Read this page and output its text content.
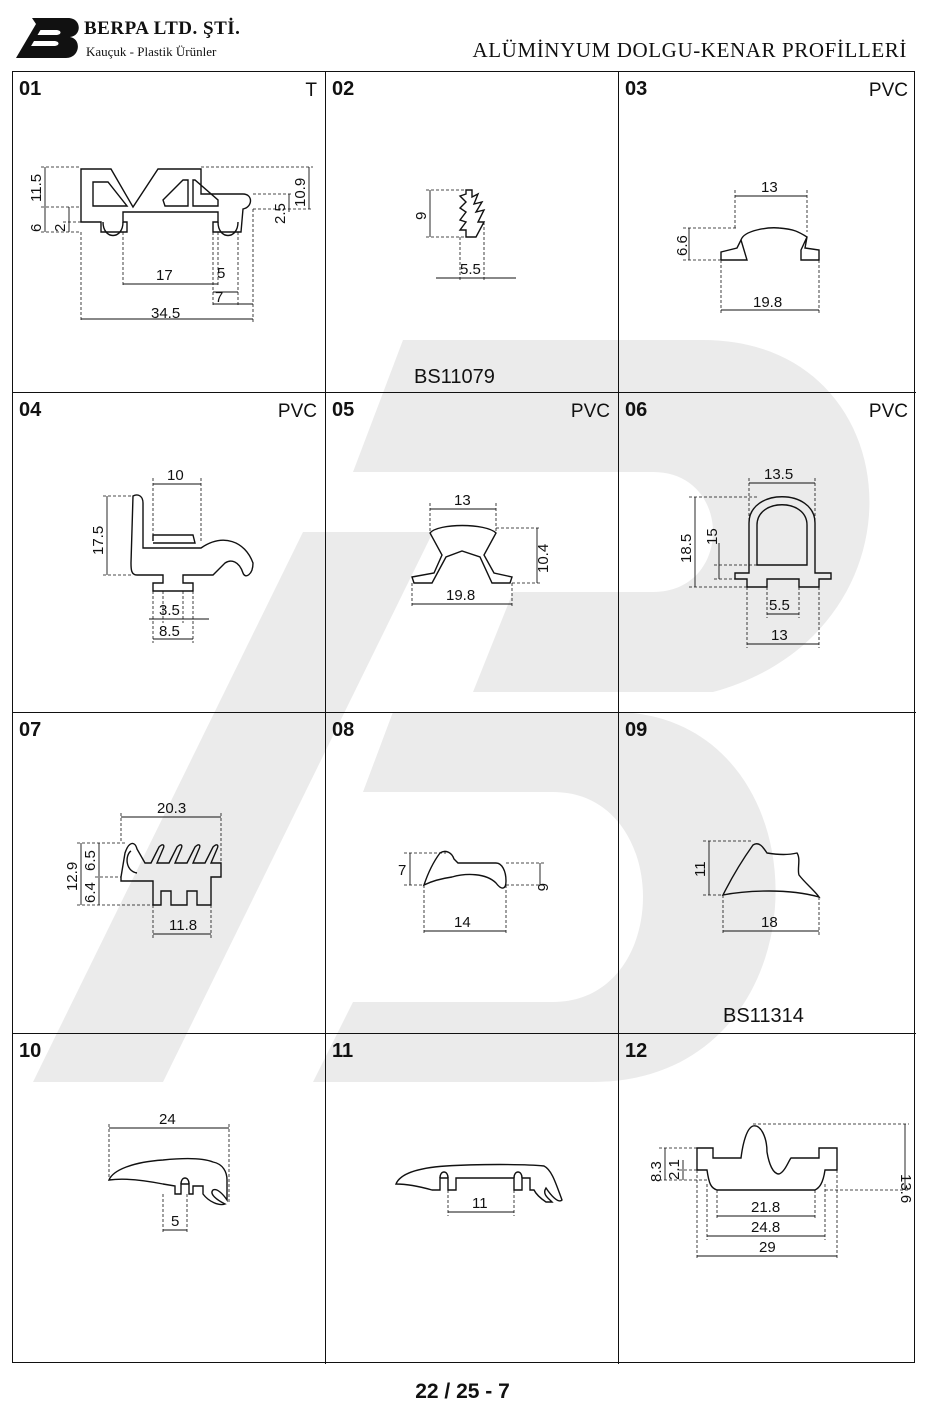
BERPA LTD. ŞTİ.
Kauçuk - Plastik Ürünler	ALÜMİNYUM DOLGU-KENAR PROFİLLERİ
01	T
11.5
6 2
17	5
7
34.5
10.9
2.5
02
BS11079
9
5.5
03	PVC
13
6.6
19.8
04	PVC
10
17.5
3.5
8.5
05	PVC
13
10.4
19.8
06	PVC
13.5
18.5 15
5.5
13
07
20.3
12.9
6.5
6.4
11.8
08
7
6
14
09
BS11314
11
18
10
24
5
11
11
12
8.3 2.1
13.6
21.8
24.8
29
22 / 25 - 7
